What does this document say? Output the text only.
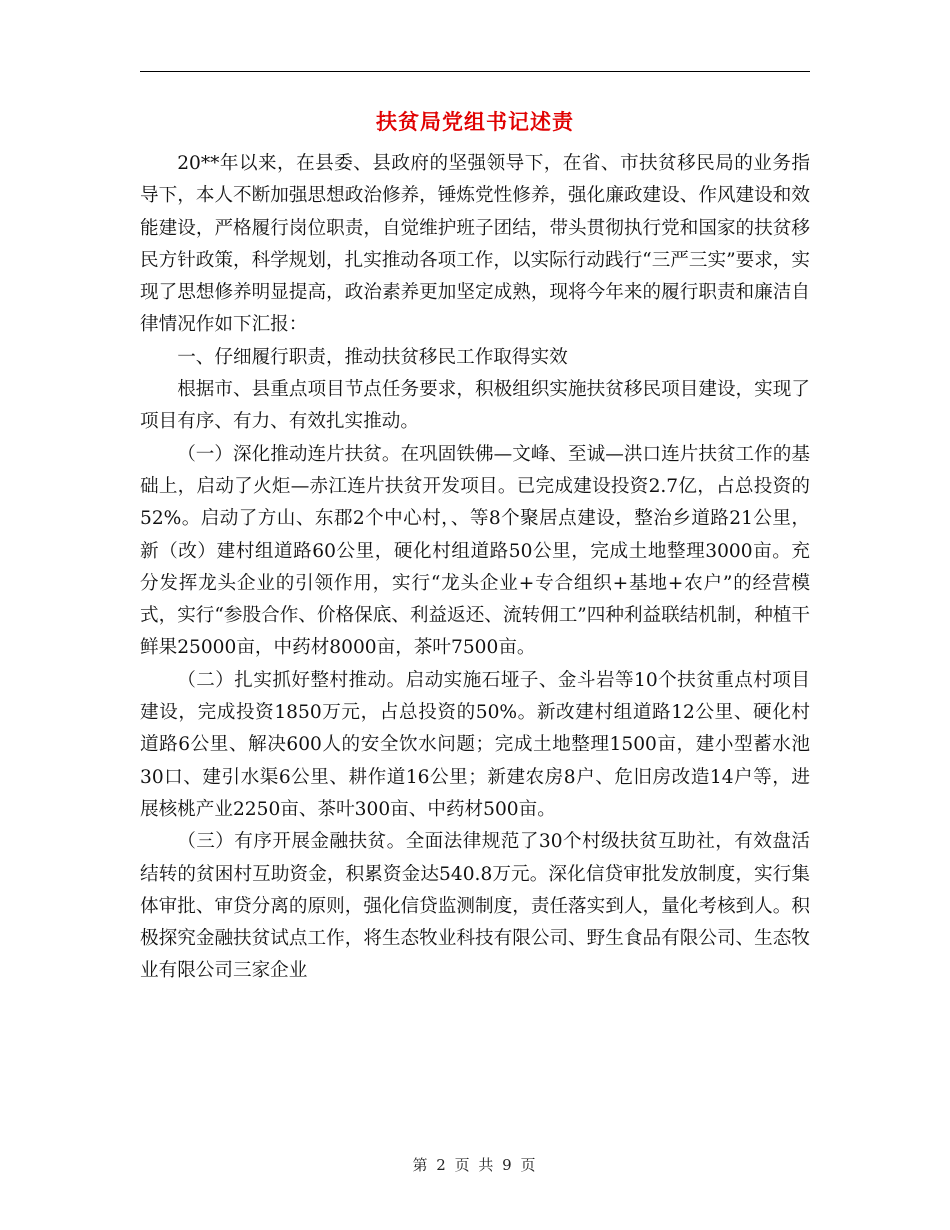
扶贫局党组书记述责

20**年以来，在县委、县政府的坚强领导下，在省、市扶贫移民局的业务指导下，本人不断加强思想政治修养，锤炼党性修养，强化廉政建设、作风建设和效能建设，严格履行岗位职责，自觉维护班子团结，带头贯彻执行党和国家的扶贫移民方针政策，科学规划，扎实推动各项工作，以实际行动践行“三严三实”要求，实现了思想修养明显提高，政治素养更加坚定成熟，现将今年来的履行职责和廉洁自律情况作如下汇报：

一、仔细履行职责，推动扶贫移民工作取得实效

根据市、县重点项目节点任务要求，积极组织实施扶贫移民项目建设，实现了项目有序、有力、有效扎实推动。

（一）深化推动连片扶贫。在巩固铁佛—文峰、至诚—洪口连片扶贫工作的基础上，启动了火炬—赤江连片扶贫开发项目。已完成建设投资2.7亿，占总投资的52%。启动了方山、东郡2个中心村，、等8个聚居点建设，整治乡道路21公里，新（改）建村组道路60公里，硬化村组道路50公里，完成土地整理3000亩。充分发挥龙头企业的引领作用，实行“龙头企业+专合组织+基地+农户”的经营模式，实行“参股合作、价格保底、利益返还、流转佣工”四种利益联结机制，种植干鲜果25000亩，中药材8000亩，茶叶7500亩。

（二）扎实抓好整村推动。启动实施石垭子、金斗岩等10个扶贫重点村项目建设，完成投资1850万元，占总投资的50%。新改建村组道路12公里、硬化村道路6公里、解决600人的安全饮水问题；完成土地整理1500亩，建小型蓄水池30口、建引水渠6公里、耕作道16公里；新建农房8户、危旧房改造14户等，进展核桃产业2250亩、茶叶300亩、中药材500亩。

（三）有序开展金融扶贫。全面法律规范了30个村级扶贫互助社，有效盘活结转的贫困村互助资金，积累资金达540.8万元。深化信贷审批发放制度，实行集体审批、审贷分离的原则，强化信贷监测制度，责任落实到人，量化考核到人。积极探究金融扶贫试点工作，将生态牧业科技有限公司、野生食品有限公司、生态牧业有限公司三家企业

第 2 页 共 9 页
